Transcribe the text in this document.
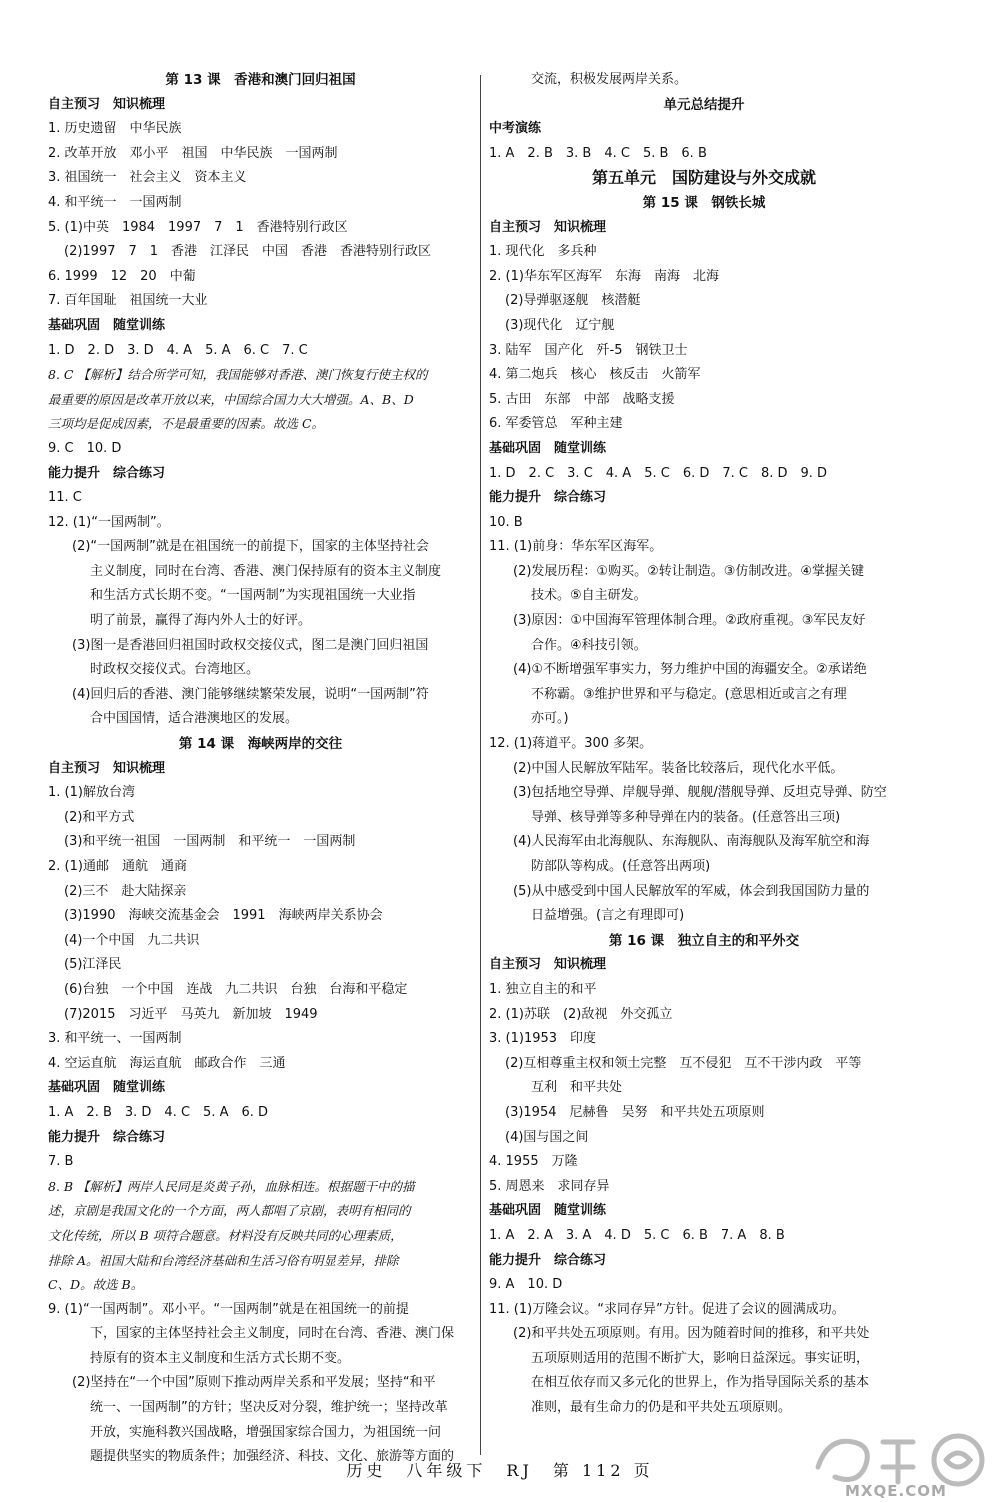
第 13 课　香港和澳门回归祖国
自主预习　知识梳理
1. 历史遗留　中华民族
2. 改革开放　邓小平　祖国　中华民族　一国两制
3. 祖国统一　社会主义　资本主义
4. 和平统一　一国两制
5. (1)中英　1984　1997　7　1　香港特别行政区
(2)1997　7　1　香港　江泽民　中国　香港　香港特别行政区
6. 1999　12　20　中葡
7. 百年国耻　祖国统一大业
基础巩固　随堂训练
1. D　2. D　3. D　4. A　5. A　6. C　7. C
8. C 【解析】结合所学可知，我国能够对香港、澳门恢复行使主权的
最重要的原因是改革开放以来，中国综合国力大大增强。A、B、D
三项均是促成因素，不是最重要的因素。故选 C。
9. C　10. D
能力提升　综合练习
11. C
12. (1)“一国两制”。
(2)“一国两制”就是在祖国统一的前提下，国家的主体坚持社会
主义制度，同时在台湾、香港、澳门保持原有的资本主义制度
和生活方式长期不变。“一国两制”为实现祖国统一大业指
明了前景，赢得了海内外人士的好评。
(3)图一是香港回归祖国时政权交接仪式，图二是澳门回归祖国
时政权交接仪式。台湾地区。
(4)回归后的香港、澳门能够继续繁荣发展，说明“一国两制”符
合中国国情，适合港澳地区的发展。
第 14 课　海峡两岸的交往
自主预习　知识梳理
1. (1)解放台湾
(2)和平方式
(3)和平统一祖国　一国两制　和平统一　一国两制
2. (1)通邮　通航　通商
(2)三不　赴大陆探亲
(3)1990　海峡交流基金会　1991　海峡两岸关系协会
(4)一个中国　九二共识
(5)江泽民
(6)台独　一个中国　连战　九二共识　台独　台海和平稳定
(7)2015　习近平　马英九　新加坡　1949
3. 和平统一、一国两制
4. 空运直航　海运直航　邮政合作　三通
基础巩固　随堂训练
1. A　2. B　3. D　4. C　5. A　6. D
能力提升　综合练习
7. B
8. B 【解析】两岸人民同是炎黄子孙，血脉相连。根据题干中的描
述，京剧是我国文化的一个方面，两人都唱了京剧，表明有相同的
文化传统，所以 B 项符合题意。材料没有反映共同的心理素质，
排除 A。祖国大陆和台湾经济基础和生活习俗有明显差异，排除
C、D。故选 B。
9. (1)“一国两制”。邓小平。“一国两制”就是在祖国统一的前提
下，国家的主体坚持社会主义制度，同时在台湾、香港、澳门保
持原有的资本主义制度和生活方式长期不变。
(2)坚持在“一个中国”原则下推动两岸关系和平发展；坚持“和平
统一、一国两制”的方针；坚决反对分裂，维护统一；坚持改革
开放，实施科教兴国战略，增强国家综合国力，为祖国统一问
题提供坚实的物质条件；加强经济、科技、文化、旅游等方面的
交流，积极发展两岸关系。
单元总结提升
中考演练
1. A　2. B　3. B　4. C　5. B　6. B
第五单元　国防建设与外交成就
第 15 课　钢铁长城
自主预习　知识梳理
1. 现代化　多兵种
2. (1)华东军区海军　东海　南海　北海
(2)导弹驱逐舰　核潜艇
(3)现代化　辽宁舰
3. 陆军　国产化　歼-5　钢铁卫士
4. 第二炮兵　核心　核反击　火箭军
5. 古田　东部　中部　战略支援
6. 军委管总　军种主建
基础巩固　随堂训练
1. D　2. C　3. C　4. A　5. C　6. D　7. C　8. D　9. D
能力提升　综合练习
10. B
11. (1)前身：华东军区海军。
(2)发展历程：①购买。②转让制造。③仿制改进。④掌握关键
技术。⑤自主研发。
(3)原因：①中国海军管理体制合理。②政府重视。③军民友好
合作。④科技引领。
(4)①不断增强军事实力，努力维护中国的海疆安全。②承诺绝
不称霸。③维护世界和平与稳定。(意思相近或言之有理
亦可。)
12. (1)蒋道平。300 多架。
(2)中国人民解放军陆军。装备比较落后，现代化水平低。
(3)包括地空导弹、岸舰导弹、舰舰/潜舰导弹、反坦克导弹、防空
导弹、核导弹等多种导弹在内的装备。(任意答出三项)
(4)人民海军由北海舰队、东海舰队、南海舰队及海军航空和海
防部队等构成。(任意答出两项)
(5)从中感受到中国人民解放军的军威，体会到我国国防力量的
日益增强。(言之有理即可)
第 16 课　独立自主的和平外交
自主预习　知识梳理
1. 独立自主的和平
2. (1)苏联　(2)敌视　外交孤立
3. (1)1953　印度
(2)互相尊重主权和领土完整　互不侵犯　互不干涉内政　平等
互利　和平共处
(3)1954　尼赫鲁　吴努　和平共处五项原则
(4)国与国之间
4. 1955　万隆
5. 周恩来　求同存异
基础巩固　随堂训练
1. A　2. A　3. A　4. D　5. C　6. B　7. A　8. B
能力提升　综合练习
9. A　10. D
11. (1)万隆会议。“求同存异”方针。促进了会议的圆满成功。
(2)和平共处五项原则。有用。因为随着时间的推移，和平共处
五项原则适用的范围不断扩大，影响日益深远。事实证明，
在相互依存而又多元化的世界上，作为指导国际关系的基本
准则，最有生命力的仍是和平共处五项原则。
历史　八年级下　RJ　第 112 页
MXQE.COM
